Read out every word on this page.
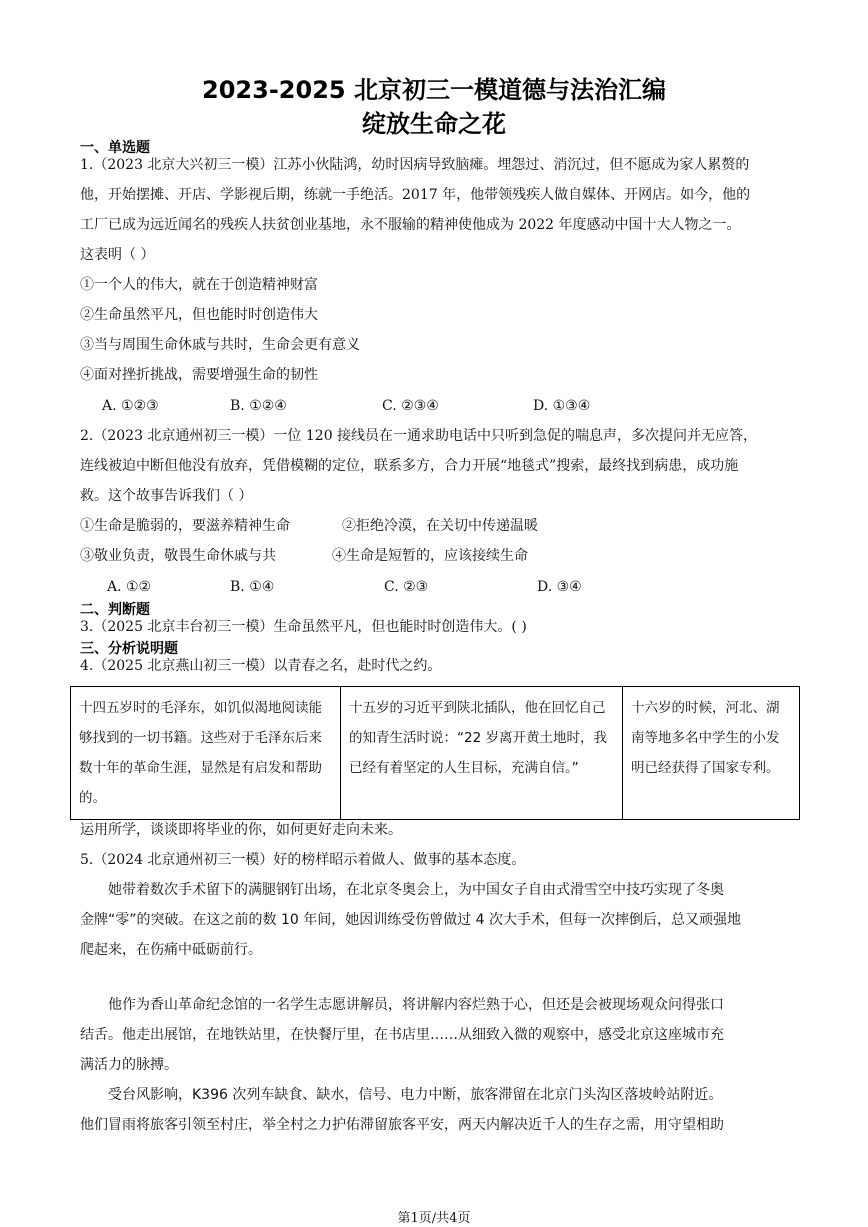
2023-2025 北京初三一模道德与法治汇编
绽放生命之花
一、单选题
1.（2023 北京大兴初三一模）江苏小伙陆鸿，幼时因病导致脑瘫。埋怨过、消沉过，但不愿成为家人累赘的
他，开始摆摊、开店、学影视后期，练就一手绝活。2017 年，他带领残疾人做自媒体、开网店。如今，他的
工厂已成为远近闻名的残疾人扶贫创业基地，永不服输的精神使他成为 2022 年度感动中国十大人物之一。
这表明（ ）
①一个人的伟大，就在于创造精神财富
②生命虽然平凡，但也能时时创造伟大
③当与周围生命休戚与共时，生命会更有意义
④面对挫折挑战，需要增强生命的韧性
A. ①②③	B. ①②④	C. ②③④	D. ①③④
2.（2023 北京通州初三一模）一位 120 接线员在一通求助电话中只听到急促的喘息声，多次提问并无应答，
连线被迫中断但他没有放弃，凭借模糊的定位，联系多方，合力开展“地毯式”搜索，最终找到病患，成功施
救。这个故事告诉我们（ ）
①生命是脆弱的，要滋养精神生命	②拒绝冷漠，在关切中传递温暖
③敬业负责，敬畏生命休戚与共	④生命是短暂的，应该接续生命
A. ①②	B. ①④	C. ②③	D. ③④
二、判断题
3.（2025 北京丰台初三一模）生命虽然平凡，但也能时时创造伟大。( )
三、分析说明题
4.（2025 北京燕山初三一模）以青春之名，赴时代之约。
十四五岁时的毛泽东，如饥似渴地阅读能够找到的一切书籍。这些对于毛泽东后来数十年的革命生涯，显然是有启发和帮助的。	十五岁的习近平到陕北插队，他在回忆自己的知青生活时说：“22 岁离开黄土地时，我已经有着坚定的人生目标，充满自信。”	十六岁的时候，河北、湖南等地多名中学生的小发明已经获得了国家专利。
运用所学，谈谈即将毕业的你，如何更好走向未来。
5.（2024 北京通州初三一模）好的榜样昭示着做人、做事的基本态度。
　　她带着数次手术留下的满腿钢钉出场，在北京冬奥会上，为中国女子自由式滑雪空中技巧实现了冬奥
金牌“零”的突破。在这之前的数 10 年间，她因训练受伤曾做过 4 次大手术，但每一次摔倒后，总又顽强地
爬起来，在伤痛中砥砺前行。
　　他作为香山革命纪念馆的一名学生志愿讲解员，将讲解内容烂熟于心，但还是会被现场观众问得张口
结舌。他走出展馆，在地铁站里，在快餐厅里，在书店里……从细致入微的观察中，感受北京这座城市充
满活力的脉搏。
　　受台风影响，K396 次列车缺食、缺水，信号、电力中断，旅客滞留在北京门头沟区落坡岭站附近。
他们冒雨将旅客引领至村庄，举全村之力护佑滞留旅客平安，两天内解决近千人的生存之需，用守望相助
第1页/共4页
